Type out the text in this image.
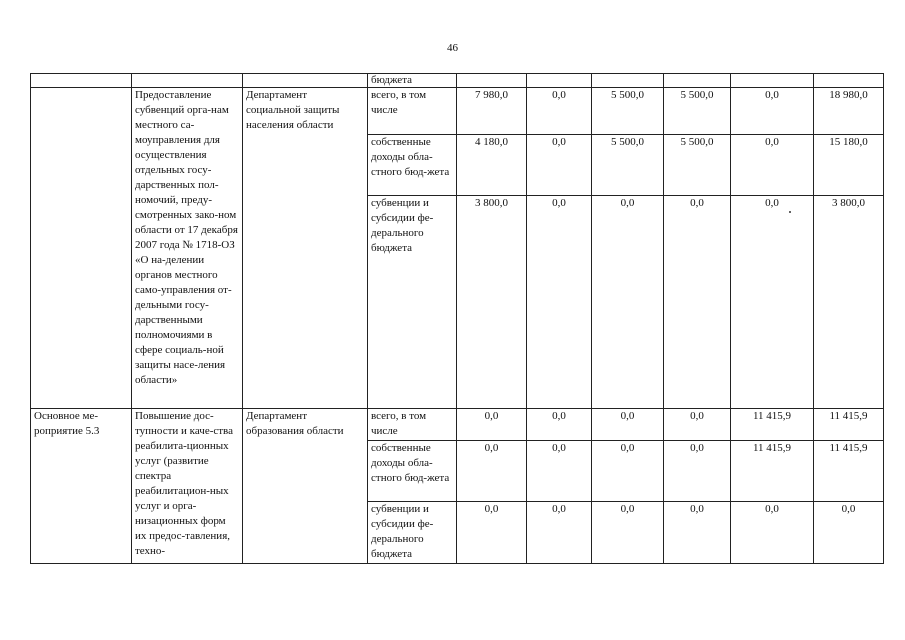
46
			бюджета						
	Предоставление субвенций орга-нам местного са-моуправления для осуществления отдельных госу-дарственных пол-номочий, преду-смотренных зако-ном области от 17 декабря 2007 года № 1718-ОЗ «О на-делении органов местного само-управления от-дельными госу-дарственными полномочиями в сфере социаль-ной защиты насе-ления области»	Департамент социальной защиты населения области	всего, в том числе	7 980,0	0,0	5 500,0	5 500,0	0,0	18 980,0
			собственные доходы обла-стного бюд-жета	4 180,0	0,0	5 500,0	5 500,0	0,0	15 180,0
			субвенции и субсидии фе-дерального бюджета	3 800,0	0,0	0,0	0,0	0,0	3 800,0
Основное ме-роприятие 5.3	Повышение дос-тупности и каче-ства реабилита-ционных услуг (развитие спектра реабилитацион-ных услуг и орга-низационных форм их предос-тавления, техно-	Департамент образования области	всего, в том числе	0,0	0,0	0,0	0,0	11 415,9	11 415,9
			собственные доходы обла-стного бюд-жета	0,0	0,0	0,0	0,0	11 415,9	11 415,9
			субвенции и субсидии фе-дерального бюджета	0,0	0,0	0,0	0,0	0,0	0,0
